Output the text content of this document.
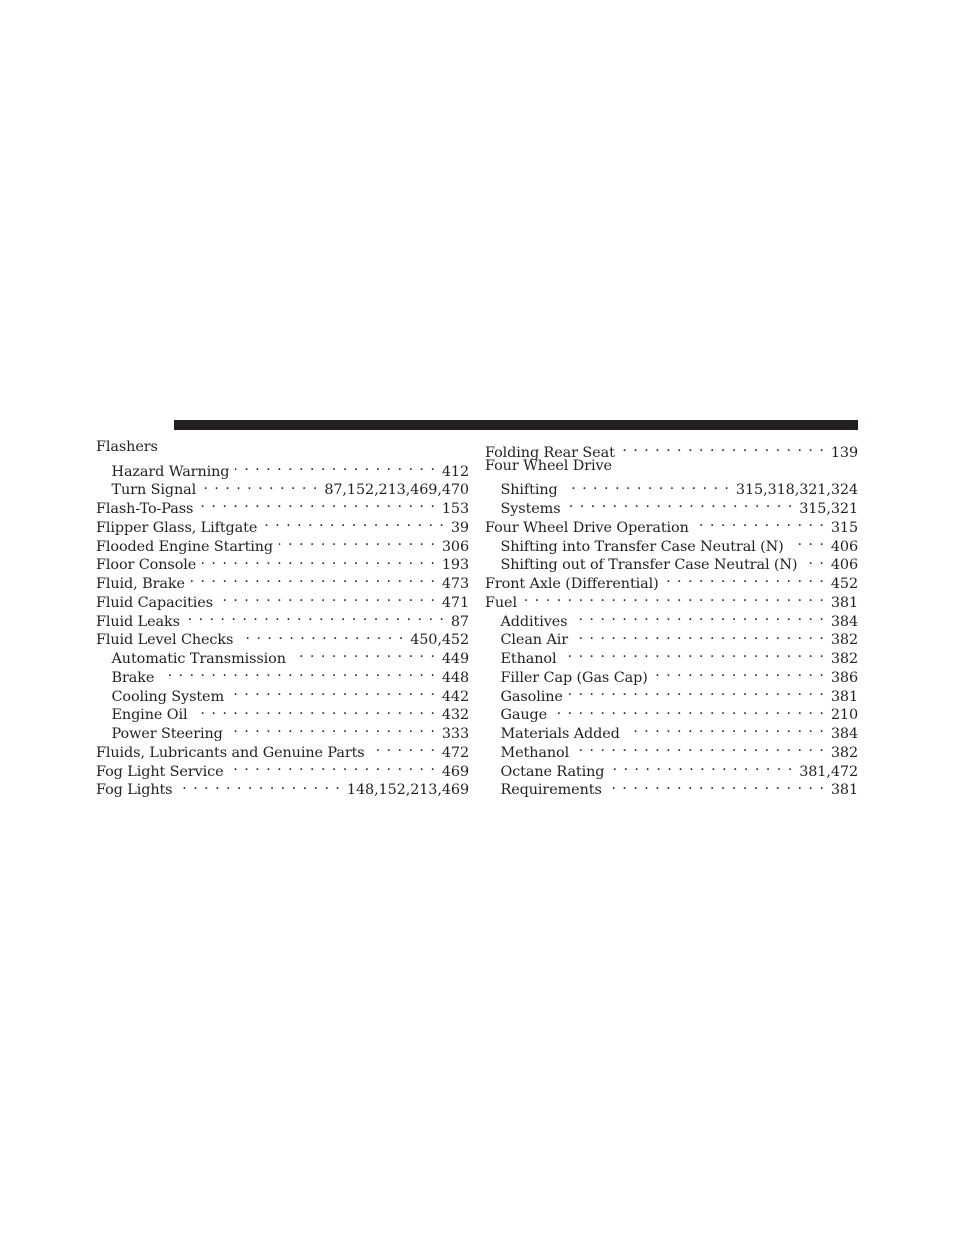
Flashers
Hazard Warning . . .	412
Turn Signal . . .	87,152,213,469,470
Flash-To-Pass . . .	153
Flipper Glass, Liftgate . . .	39
Flooded Engine Starting . . .	306
Floor Console . . .	193
Fluid, Brake . . .	473
Fluid Capacities . . .	471
Fluid Leaks . . .	87
Fluid Level Checks . . .	450,452
Automatic Transmission . . .	449
Brake . . .	448
Cooling System . . .	442
Engine Oil . . .	432
Power Steering . . .	333
Fluids, Lubricants and Genuine Parts . . .	472
Fog Light Service . . .	469
Fog Lights . . .	148,152,213,469
Folding Rear Seat . . .	139
Four Wheel Drive
Shifting . . .	315,318,321,324
Systems . . .	315,321
Four Wheel Drive Operation . . .	315
Shifting into Transfer Case Neutral (N) . . .	406
Shifting out of Transfer Case Neutral (N) . . . 406
Front Axle (Differential) . . .	452
Fuel . . .	381
Additives . . .	384
Clean Air . . .	382
Ethanol . . .	382
Filler Cap (Gas Cap) . . .	386
Gasoline . . .	381
Gauge . . .	210
Materials Added . . .	384
Methanol . . .	382
Octane Rating . . .	381,472
Requirements . . .	381
